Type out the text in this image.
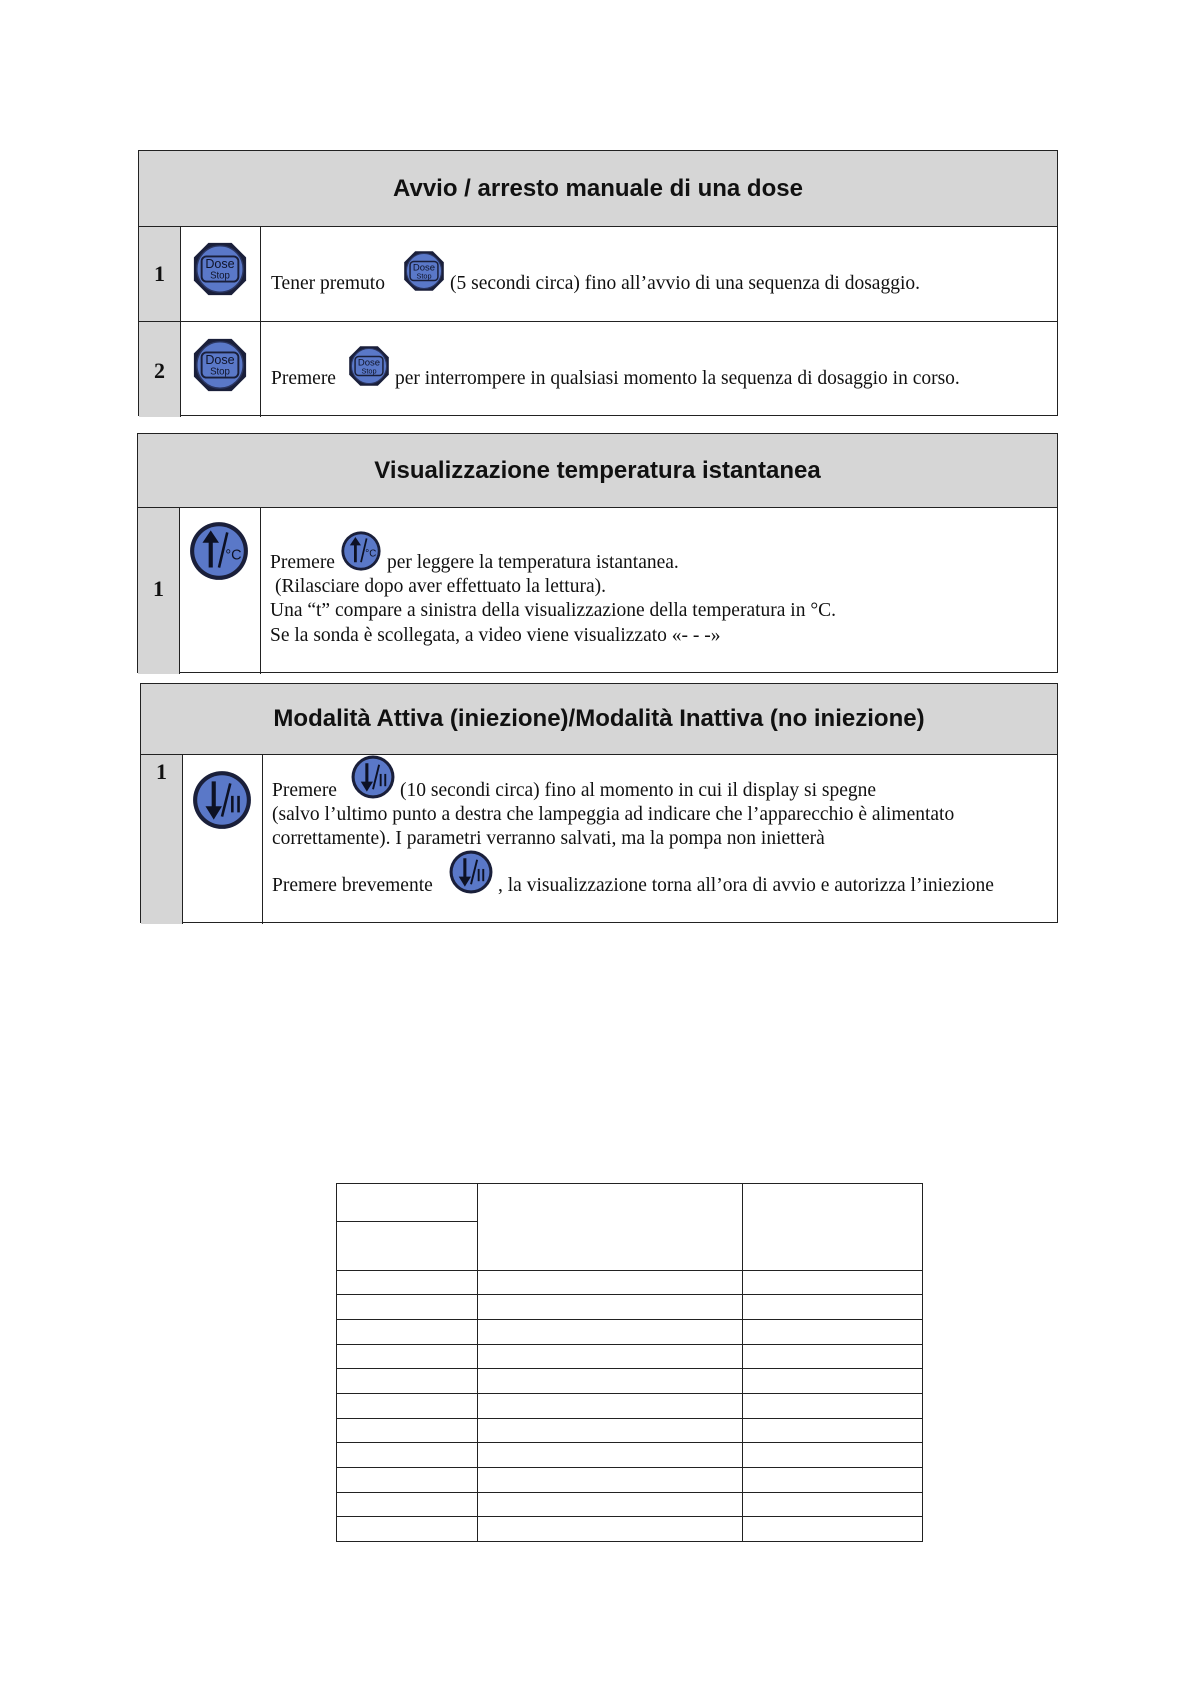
Avvio / arresto manuale di una dose
1	Tener premuto	(5 secondi circa) fino all’avvio di una sequenza di dosaggio.
2	Premere	per interrompere in qualsiasi momento la sequenza di dosaggio in corso.
Visualizzazione temperatura istantanea
1
Premere	per leggere la temperatura istantanea.
(Rilasciare dopo aver effettuato la lettura).
Una “t” compare a sinistra della visualizzazione della temperatura in °C.
Se la sonda è scollegata, a video viene visualizzato «- - -»
Modalità Attiva (iniezione)/Modalità Inattiva (no iniezione)
1
Premere	(10 secondi circa) fino al momento in cui il display si spegne
(salvo l’ultimo punto a destra che lampeggia ad indicare che l’apparecchio è alimentato
correttamente). I parametri verranno salvati, ma la pompa non inietterà
Premere brevemente	, la visualizzazione torna all’ora di avvio e autorizza l’iniezione
